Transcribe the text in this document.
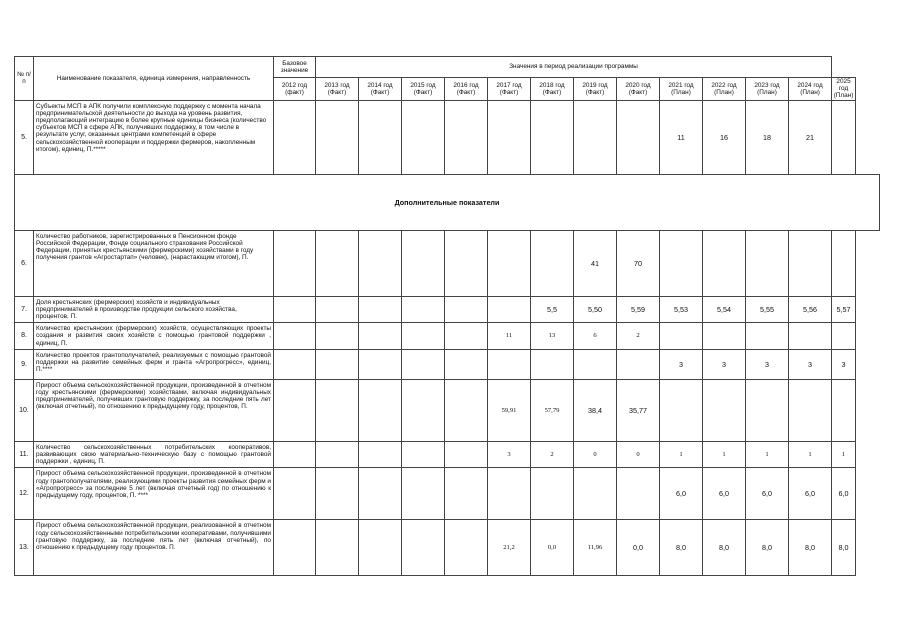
№ п/п	Наименование показателя, единица измерения, направленность	Базовое значение	Значения в период реализации программы												
		2012 год (факт)	2013 год (Факт)	2014 год (Факт)	2015 год (Факт)	2016 год (Факт)	2017 год (Факт)	2018 год (Факт)	2019 год (Факт)	2020 год (Факт)	2021 год (План)	2022 год (План)	2023 год (План)	2024 год (План)	2025 год (План)
5.	Субъекты МСП в АПК получили комплексную поддержку с момента начала предпринимательской деятельности до выхода на уровень развития, предполагающий интеграцию в более крупные единицы бизнеса (количество субъектов МСП в сфере АПК, получивших поддержку, в том числе в результате услуг, оказанных центрами компетенций в сфере сельскохозяйственной кооперации и поддержки фермеров, накопленным итогом), единиц, П.*****										11	16	18	21	
Дополнительные показатели															
6.	Количество работников, зарегистрированных в Пенсионном фонде Российской Федерации, Фонде социального страхования Российской Федерации, принятых крестьянскими (фермерскими) хозяйствами в году получения грантов «Агростартап» (человек), (нарастающим итогом), П.								41	70					
7.	Доля крестьянских (фермерских) хозяйств и индивидуальных предпринимателей в производстве продукции сельского хозяйства, процентов. П.							5,5	5,50	5,59	5,53	5,54	5,55	5,56	5,57
8.	Количество крестьянских (фермерских) хозяйств, осуществляющих проекты создания и развития своих хозяйств с помощью грантовой поддержки , единиц, П.						11	13	6	2					
9.	Количество проектов грантополучателей, реализуемых с помощью грантовой поддержки на развитие семейных ферм и гранта «Агропрогресс», единиц, П.****										3	3	3	3	3
10.	Прирост объема сельскохозяйственной продукции, произведенной в отчетном году крестьянскими (фермерскими) хозяйствами, включая индивидуальных предпринимателей, получивших грантовую поддержку, за последние пять лет (включая отчетный), по отношению к предыдущему году, процентов, П.						59,91	57,79	38,4	35,77					
11.	Количество сельскохозяйственных потребительских кооперативов, развивающих свою материально-техническую базу с помощью грантовой поддержки , единиц, П.						3	2	0	0	1	1	1	1	1
12.	Прирост объема сельскохозяйственной продукции, произведенной в отчетном году грантополучателями, реализующими проекты развития семейных ферм и «Агропрогресс» за последние 5 лет (включая отчетный год) по отношению к предыдущему году, процентов, П. ****										6,0	6,0	6,0	6,0	6,0
13.	Прирост объема сельскохозяйственной продукции, реализованной в отчетном году сельскохозяйственными потребительскими кооперативами, получившими грантовую поддержку, за последние пять лет (включая отчетный), по отношению к предыдущему году процентов. П.						21,2	0,0	11,96	0,0	8,0	8,0	8,0	8,0	8,0
